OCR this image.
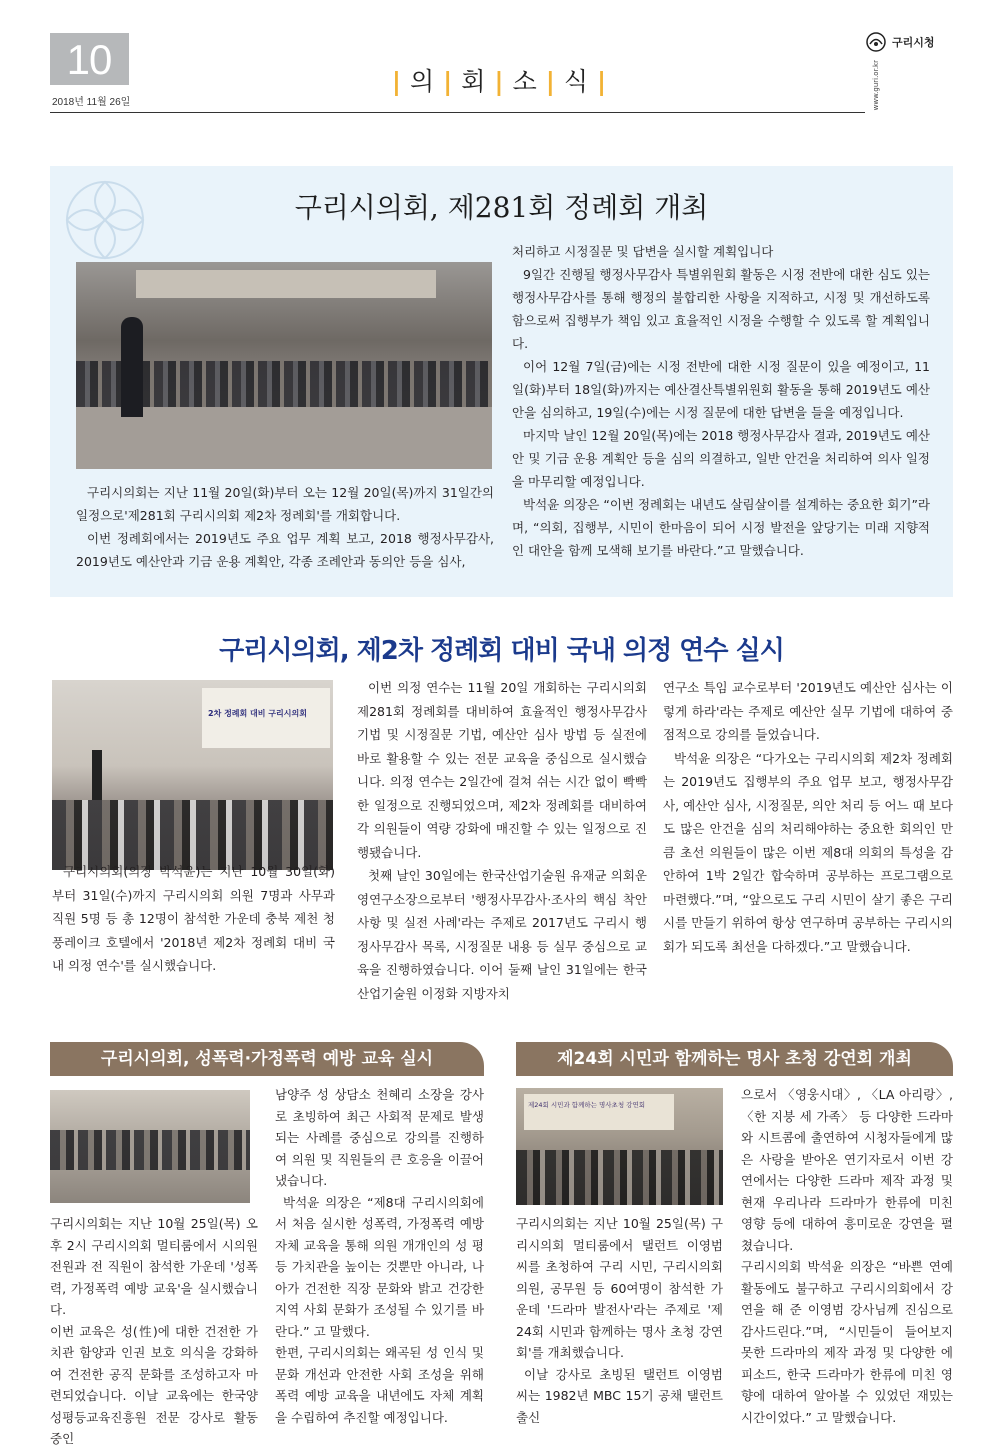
10
2018년 11월 26일
| 의 | 회 | 소 | 식 |
구리시청
www.guri.or.kr
구리시의회, 제281회 정례회 개최

구리시의회는 지난 11월 20일(화)부터 오는 12월 20일(목)까지 31일간의 일정으로'제281회 구리시의회 제2차 정례회'를 개회합니다.

이번 정례회에서는 2019년도 주요 업무 계획 보고, 2018 행정사무감사, 2019년도 예산안과 기금 운용 계획안, 각종 조례안과 동의안 등을 심사,

처리하고 시정질문 및 답변을 실시할 계획입니다

9일간 진행될 행정사무감사 특별위원회 활동은 시정 전반에 대한 심도 있는 행정사무감사를 통해 행정의 불합리한 사항을 지적하고, 시정 및 개선하도록 함으로써 집행부가 책임 있고 효율적인 시정을 수행할 수 있도록 할 계획입니다.

이어 12월 7일(금)에는 시정 전반에 대한 시정 질문이 있을 예정이고, 11일(화)부터 18일(화)까지는 예산결산특별위원회 활동을 통해 2019년도 예산안을 심의하고, 19일(수)에는 시정 질문에 대한 답변을 들을 예정입니다.

마지막 날인 12월 20일(목)에는 2018 행정사무감사 결과, 2019년도 예산안 및 기금 운용 계획안 등을 심의 의결하고, 일반 안건을 처리하여 의사 일정을 마무리할 예정입니다.

박석윤 의장은 “이번 정례회는 내년도 살림살이를 설계하는 중요한 회기”라며, “의회, 집행부, 시민이 한마음이 되어 시정 발전을 앞당기는 미래 지향적인 대안을 함께 모색해 보기를 바란다.”고 말했습니다.

구리시의회, 제2차 정례회 대비 국내 의정 연수 실시
2차 정례회 대비 구리시의회

구리시의회(의장 박석윤)는 지난 10월 30일(화)부터 31일(수)까지 구리시의회 의원 7명과 사무과 직원 5명 등 총 12명이 참석한 가운데 충북 제천 청풍레이크 호텔에서 '2018년 제2차 정례회 대비 국내 의정 연수'를 실시했습니다.

이번 의정 연수는 11월 20일 개회하는 구리시의회 제281회 정례회를 대비하여 효율적인 행정사무감사 기법 및 시정질문 기법, 예산안 심사 방법 등 실전에 바로 활용할 수 있는 전문 교육을 중심으로 실시했습니다. 의정 연수는 2일간에 걸쳐 쉬는 시간 없이 빡빡한 일정으로 진행되었으며, 제2차 정례회를 대비하여 각 의원들이 역량 강화에 매진할 수 있는 일정으로 진행됐습니다.

첫째 날인 30일에는 한국산업기술원 유재균 의회운영연구소장으로부터 '행정사무감사·조사의 핵심 착안 사항 및 실전 사례'라는 주제로 2017년도 구리시 행정사무감사 목록, 시정질문 내용 등 실무 중심으로 교육을 진행하였습니다. 이어 둘째 날인 31일에는 한국산업기술원 이정화 지방자치

연구소 특임 교수로부터 '2019년도 예산안 심사는 이렇게 하라'라는 주제로 예산안 실무 기법에 대하여 중점적으로 강의를 들었습니다.

박석윤 의장은 “다가오는 구리시의회 제2차 정례회는 2019년도 집행부의 주요 업무 보고, 행정사무감사, 예산안 심사, 시정질문, 의안 처리 등 어느 때 보다도 많은 안건을 심의 처리해야하는 중요한 회의인 만큼 초선 의원들이 많은 이번 제8대 의회의 특성을 감안하여 1박 2일간 합숙하며 공부하는 프로그램으로 마련했다.”며, “앞으로도 구리 시민이 살기 좋은 구리시를 만들기 위하여 항상 연구하며 공부하는 구리시의회가 되도록 최선을 다하겠다.”고 말했습니다.

구리시의회, 성폭력·가정폭력 예방 교육 실시

구리시의회는 지난 10월 25일(목) 오후 2시 구리시의회 멀티룸에서 시의원 전원과 전 직원이 참석한 가운데 '성폭력, 가정폭력 예방 교육'을 실시했습니다.

이번 교육은 성(性)에 대한 건전한 가치관 함양과 인권 보호 의식을 강화하여 건전한 공직 문화를 조성하고자 마련되었습니다. 이날 교육에는 한국양성평등교육진흥원 전문 강사로 활동 중인

남양주 성 상담소 천혜리 소장을 강사로 초빙하여 최근 사회적 문제로 발생되는 사례를 중심으로 강의를 진행하여 의원 및 직원들의 큰 호응을 이끌어 냈습니다.

박석윤 의장은 “제8대 구리시의회에서 처음 실시한 성폭력, 가정폭력 예방 자체 교육을 통해 의원 개개인의 성 평등 가치관을 높이는 것뿐만 아니라, 나아가 건전한 직장 문화와 밝고 건강한 지역 사회 문화가 조성될 수 있기를 바란다.” 고 말했다.

한편, 구리시의회는 왜곡된 성 인식 및 문화 개선과 안전한 사회 조성을 위해 폭력 예방 교육을 내년에도 자체 계획을 수립하여 추진할 예정입니다.

제24회 시민과 함께하는 명사 초청 강연회 개최
제24회 시민과 함께하는 명사초청 강연회

구리시의회는 지난 10월 25일(목) 구리시의회 멀티룸에서 탤런트 이영범 씨를 초청하여 구리 시민, 구리시의회 의원, 공무원 등 60여명이 참석한 가운데 '드라마 발전사'라는 주제로 '제24회 시민과 함께하는 명사 초청 강연회'를 개최했습니다.

이날 강사로 초빙된 탤런트 이영범 씨는 1982년 MBC 15기 공채 탤런트 출신

으로서 〈영웅시대〉, 〈LA 아리랑〉, 〈한 지붕 세 가족〉 등 다양한 드라마와 시트콤에 출연하여 시청자들에게 많은 사랑을 받아온 연기자로서 이번 강연에서는 다양한 드라마 제작 과정 및 현재 우리나라 드라마가 한류에 미친 영향 등에 대하여 흥미로운 강연을 펼쳤습니다.

구리시의회 박석윤 의장은 “바쁜 연예 활동에도 불구하고 구리시의회에서 강연을 해 준 이영범 강사님께 진심으로 감사드린다.”며, “시민들이 들어보지 못한 드라마의 제작 과정 및 다양한 에피소드, 한국 드라마가 한류에 미친 영향에 대하여 알아볼 수 있었던 재밌는 시간이었다.” 고 말했습니다.
